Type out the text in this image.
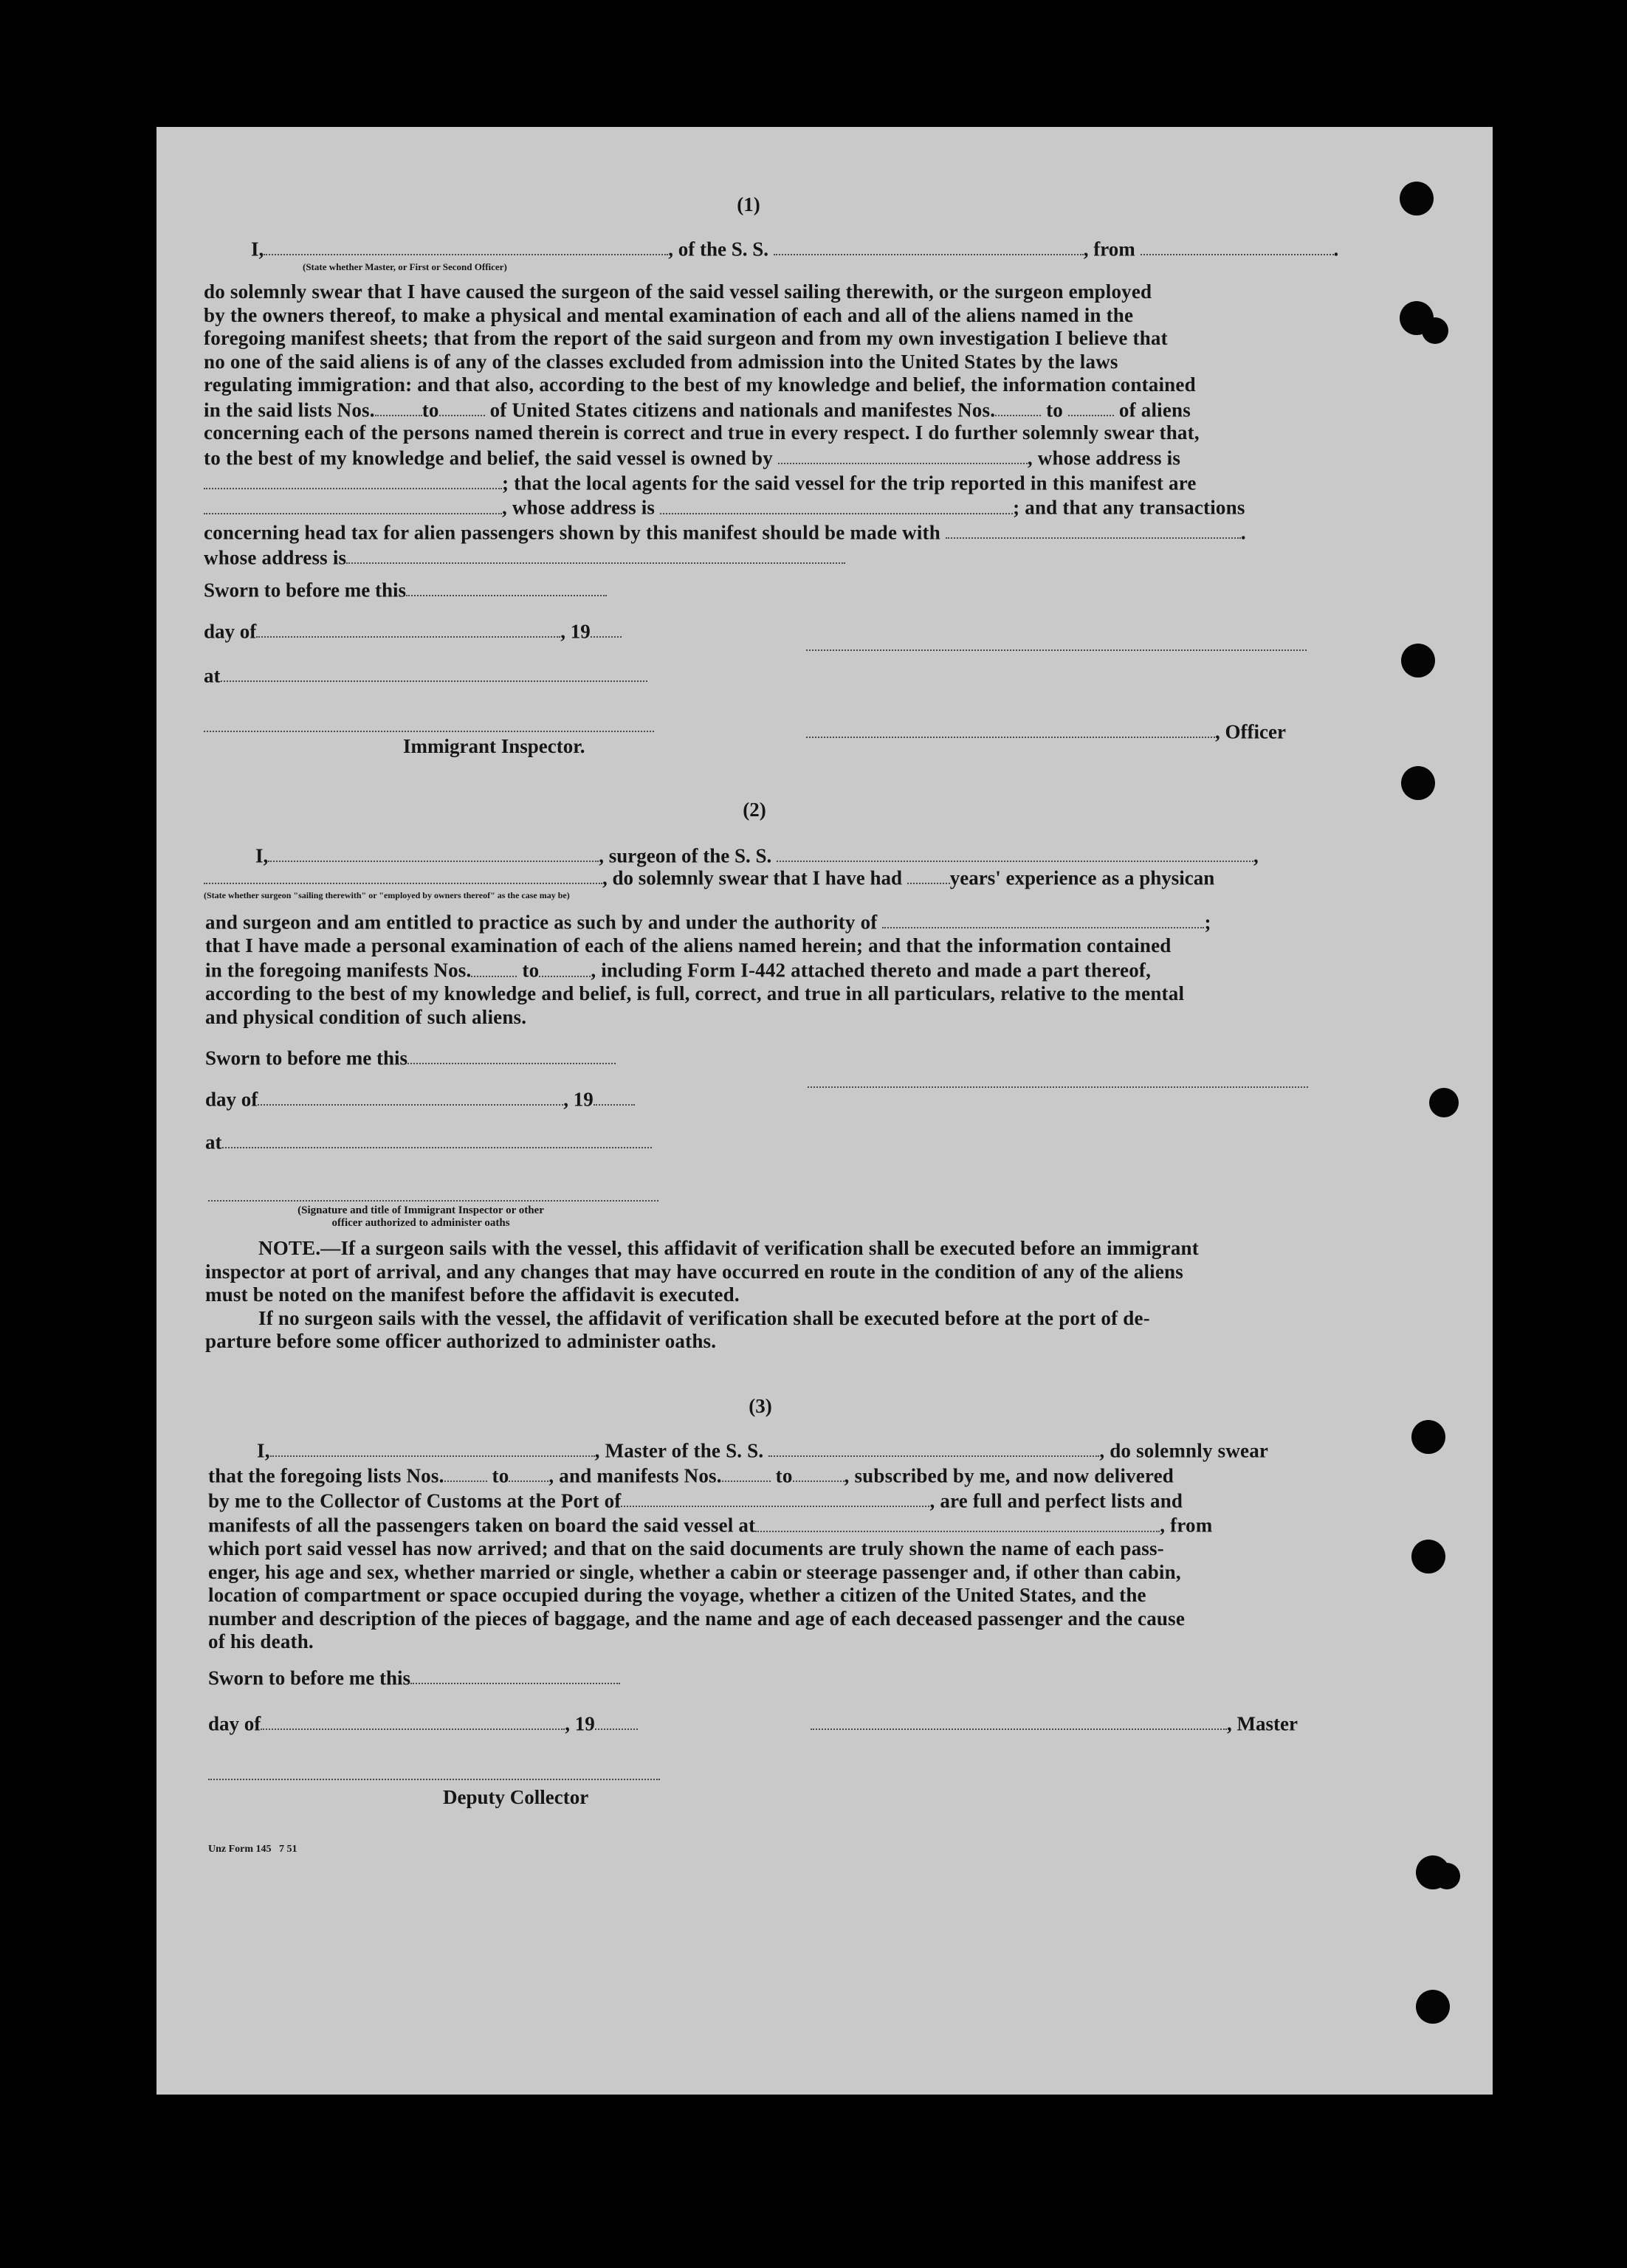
(1)
I,	, of the S. S.	, from	.
(State whether Master, or First or Second Officer)

do solemnly swear that I have caused the surgeon of the said vessel sailing therewith, or the surgeon employed

by the owners thereof, to make a physical and mental examination of each and all of the aliens named in the

foregoing manifest sheets; that from the report of the said surgeon and from my own investigation I believe that

no one of the said aliens is of any of the classes excluded from admission into the United States by the laws

regulating immigration: and that also, according to the best of my knowledge and belief, the information contained

in the said lists Nos. to	of United States citizens and nationals and manifestes Nos.	to	of aliens

concerning each of the persons named therein is correct and true in every respect. I do further solemnly swear that,

to the best of my knowledge and belief, the said vessel is owned by	, whose address is

; that the local agents for the said vessel for the trip reported in this manifest are

, whose address is	; and that any transactions

concerning head tax for alien passengers shown by this manifest should be made with	.

whose address is

Sworn to before me this
day of	, 19
at
, Officer
Immigrant Inspector.
(2)
I,	, surgeon of the S. S.	,
, do solemnly swear that I have had years' experience as a physican
(State whether surgeon "sailing therewith" or "employed by owners thereof" as the case may be)

and surgeon and am entitled to practice as such by and under the authority of	;

that I have made a personal examination of each of the aliens named herein; and that the information contained

in the foregoing manifests Nos.	to	, including Form I-442 attached thereto and made a part thereof,

according to the best of my knowledge and belief, is full, correct, and true in all particulars, relative to the mental

and physical condition of such aliens.

Sworn to before me this
day of	, 19
at
(Signature and title of Immigrant Inspector or other
officer authorized to administer oaths

NOTE.—If a surgeon sails with the vessel, this affidavit of verification shall be executed before an immigrant

inspector at port of arrival, and any changes that may have occurred en route in the condition of any of the aliens

must be noted on the manifest before the affidavit is executed.

If no surgeon sails with the vessel, the affidavit of verification shall be executed before at the port of de-

parture before some officer authorized to administer oaths.

(3)

I,	, Master of the S. S.	, do solemnly swear

that the foregoing lists Nos. to , and manifests Nos.	to	, subscribed by me, and now delivered

by me to the Collector of Customs at the Port of	, are full and perfect lists and

manifests of all the passengers taken on board the said vessel at	, from

which port said vessel has now arrived; and that on the said documents are truly shown the name of each pass-

enger, his age and sex, whether married or single, whether a cabin or steerage passenger and, if other than cabin,

location of compartment or space occupied during the voyage, whether a citizen of the United States, and the

number and description of the pieces of baggage, and the name and age of each deceased passenger and the cause

of his death.

Sworn to before me this
day of	, 19	, Master
Deputy Collector
Unz Form 145   7 51
